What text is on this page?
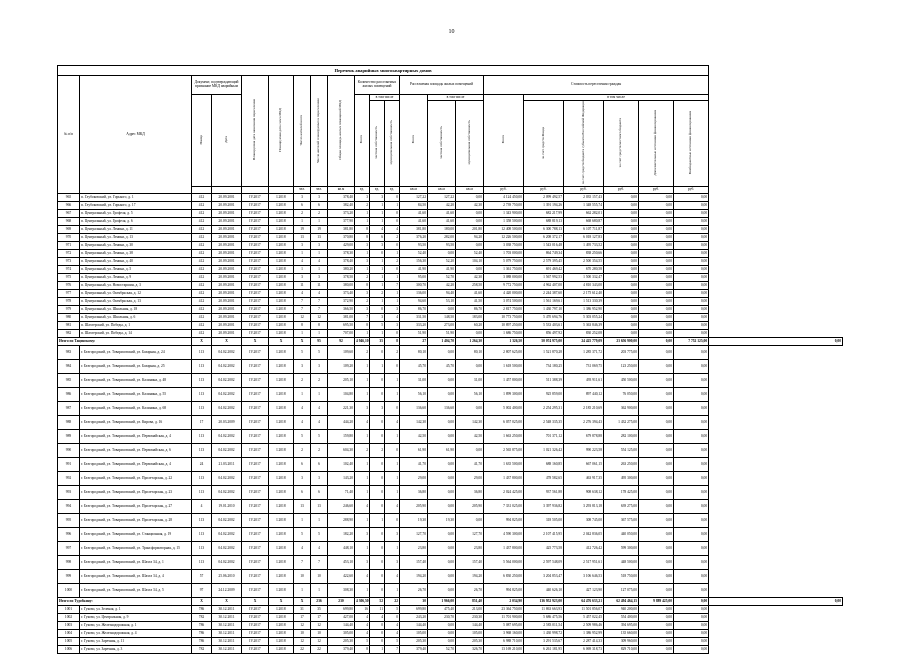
10
Перечень аварийных многоквартирных домов																					
№ п/п	Адрес МКД	Документ, подтверждающий признание МКД аварийным		Планируемая дата окончания переселения	Планируемая дата сноса МКД	Число жителей всего	Число жителей планируемых к переселению	Общая площадь жилых помещений МКД	Количество расселяемых жилых помещений			Расселяемая площадь жилых помещений			Стоимость переселения граждан						
		Номер	Дата						Всего	в том числе		Всего	в том числе		Всего	в том числе					
										частная собственность	муниципальная собственность		частная собственность	муниципальная собственность		за счет средств Фонда	за счет средств бюджета субъекта Российской Федерации	за счет средств местного бюджета	Дополнительные источники финансирования	Внебюджетные источники финансирования	
						чел.	чел.	кв.м	ед.	ед.	ед.	кв.м	кв.м	кв.м	руб.	руб.	руб.	руб.	руб.	руб.	
965	п. Глубоковский, ул. Горького, д. 1	412	20.09.2001	IV.2017	I.2018	3	3	378,40	3	3	0	127,22	127,22	0,00	4 124 450,00	2 099 492,57	2 035 157,43	0,00	0,00	0,00	
966	п. Глубоковский, ул. Горького, д. 17	412	20.09.2001	IV.2017	I.2018	6	6	382,40	2	1	1	84,50	42,20	42,30	2 739 750,00	1 391 194,26	1 348 555,74	0,00	0,00	0,00	
967	п. Центральный, ул. Грофеля, д. 5	412	20.09.2001	IV.2017	I.2018	2	2	373,20	1	1	0	41,60	41,60	0,00	1 343 900,00	682 217,99	662 282,01	0,00	0,00	0,00	
968	п. Центральный, ул. Грофеля, д. 6	412	20.09.2001	IV.2017	I.2018	1	1	377,90	1	1	0	41,60	41,60	0,00	1 358 500,00	688 819,13	668 680,87	0,00	0,00	0,00	
969	п. Центральный, ул. Ленина, д. 11	412	20.09.2001	IV.2017	I.2018	19	19	381,80	8	4	4	381,80	180,00	201,80	12 408 500,00	6 300 788,13	6 107 711,87	0,00	0,00	0,00	
970	п. Центральный, ул. Ленина, д. 13	412	20.09.2001	IV.2017	I.2018	13	13	370,80	8	6	2	376,20	282,00	94,20	12 226 500,00	6 208 372,17	6 018 127,83	0,00	0,00	0,00	
971	п. Центральный, ул. Ленина, д. 30	412	20.09.2001	IV.2017	I.2018	3	3	429,00	3	3	0	93,50	93,50	0,00	3 038 750,00	1 543 016,48	1 495 733,52	0,00	0,00	0,00	
972	п. Центральный, ул. Ленина, д. 38	412	20.09.2001	IV.2017	I.2018	1	1	378,30	1	0	1	52,40	0,00	52,40	1 703 000,00	864 749,34	838 250,66	0,00	0,00	0,00	
973	п. Центральный, ул. Ленина, д. 40	412	20.09.2001	IV.2017	I.2018	4	4	378,40	3	1	2	156,30	52,20	104,10	5 079 750,00	2 579 395,45	2 500 354,55	0,00	0,00	0,00	
974	п. Центральный, ул. Ленина, д. 5	412	20.09.2001	IV.2017	I.2018	1	1	380,20	1	1	0	41,90	41,90	0,00	1 361 750,00	691 469,42	670 280,58	0,00	0,00	0,00	
975	п. Центральный, ул. Ленина, д. 9	412	20.09.2001	IV.2017	I.2018	3	3	378,50	2	1	1	95,00	52,70	42,30	3 088 000,00	1 567 992,53	1 500 332,47	0,00	0,00	0,00	
976	п. Центральный, ул. Новостаршин, д. 3	412	20.09.2001	IV.2017	I.2018	11	11	380,00	8	1	7	300,70	42,20	258,50	9 772 750,00	4 962 407,00	4 810 343,00	0,00	0,00	0,00	
977	п. Центральный, ул. Октябрьская, д. 12	412	20.09.2001	IV.2017	I.2018	4	4	373,40	3	2	1	136,00	94,40	41,60	4 420 000,00	2 244 387,60	2 175 612,40	0,00	0,00	0,00	
978	п. Центральный, ул. Октябрьская, д. 13	412	20.09.2001	IV.2017	I.2018	7	7	372,90	2	1	1	94,60	53,10	41,50	3 074 500,00	1 561 169,61	1 513 330,39	0,00	0,00	0,00	
979	п. Центральный, ул. Школьная, д. 18	412	20.09.2001	IV.2017	I.2018	7	7	366,50	3	0	3	86,70	0,00	86,70	2 817 750,00	1 430 797,10	1 386 952,90	0,00	0,00	0,00	
980	п. Центральный, ул. Школьная, д. 6	412	20.09.2001	IV.2017	I.2018	12	12	381,00	7	3	4	331,50	148,50	183,00	10 773 750,00	5 470 694,76	5 303 055,24	0,00	0,00	0,00	
981	п. Шахтерский, ул. Победы, д. 1	412	20.09.2001	IV.2017	I.2018	8	8	695,50	8	5	3	333,20	273,00	60,20	10 897 250,00	5 533 403,61	5 363 846,39	0,00	0,00	0,00	
982	п. Шахтерский, ул. Победы, д. 14	412	20.09.2001	IV.2017	I.2018	1	1	707,00	1	1	0	51,90	51,90	0,00	1 686 750,00	856 497,92	830 252,08	0,00	0,00	0,00	
Итого по Тацинскому:		X	X	X	X	X	95	92	4 946,10	35	8	27	1 404,70	1 264,30	1 326,50	50 074 975,00	24 425 779,09	23 656 900,00	0,00	7 752 125,00	0,00
983	г. Белгородский, ул. Товарисовский, ул. Базарная, д. 24	113	04.02.2002	IV.2017	I.2018	5	5	109,60	2	0	2	80,10	0,00	80,10	2 807 625,00	1 521 870,28	1 285 371,72	203 775,00	0,00	0,00	
984	г. Белгородский, ул. Товарисовский, ул. Базарная, д. 25	113	04.02.2002	IV.2017	I.2018	3	3	109,20	1	1	0	45,70	45,70	0,00	1 618 500,00	734 180,25	731 069,75	123 250,00	0,00	0,00	
985	г. Белгородский, ул. Товарисовский, ул. Калинина, д. 48	113	04.02.2002	IV.2017	I.2018	2	2	205,10	1	0	1	31,00	0,00	31,00	1 457 800,00	511 388,39	493 911,61	450 500,00	0,00	0,00	
986	г. Белгородский, ул. Товарисовский, ул. Калинина, д. 55	113	04.02.2002	IV.2017	I.2018	1	1	104,80	1	0	1	56,10	0,00	56,10	1 899 300,00	925 859,00	897 440,12	76 050,00	0,00	0,00	
987	г. Белгородский, ул. Товарисовский, ул. Калинина, д. 68	113	04.02.2002	IV.2017	I.2018	4	4	221,30	3	3	0	136,60	136,60	0,00	5 002 400,00	2 254 295,31	2 185 210,69	362 900,00	0,00	0,00	
988	г. Белгородский, ул. Товарисовский, ул. Кирова, д. 16	17	20.03.2009	IV.2017	I.2018	4	4	444,20	4	0	4	142,30	0,00	142,30	6 057 025,00	2 548 335,35	2 276 394,43	1 432 275,00	0,00	0,00	
989	г. Белгородский, ул. Товарисовский, ул. Первомайская, д. 4	113	04.02.2002	IV.2017	I.2018	5	5	159,80	1	0	1	42,50	0,00	42,50	1 663 250,00	701 371,12	679 878,88	282 100,00	0,00	0,00	
990	г. Белгородский, ул. Товарисовский, ул. Первомайская, д. 6	113	04.02.2002	IV.2017	I.2018	2	2	604,30	2	2	0	61,90	61,90	0,00	2 565 875,00	1 021 326,42	990 223,58	554 125,00	0,00	0,00	
991	г. Белгородский, ул. Товарисовский, ул. Первомайская, д. 4	24	21.03.2011	IV.2017	I.2018	6	6	102,40	1	0	1	41,70	0,00	41,70	1 635 500,00	688 160,85	667 061,15	263 250,00	0,00	0,00	
992	г. Белгородский, ул. Товарисовский, ул. Пролетарская, д. 22	113	04.02.2002	IV.2017	I.2018	3	3	143,20	1	0	1	29,00	0,00	29,00	1 437 800,00	478 582,65	463 917,35	495 300,00	0,00	0,00	
993	г. Белгородский, ул. Товарисовский, ул. Пролетарская, д. 23	113	04.02.2002	IV.2017	I.2018	6	6	71,40	1	0	1	36,80	0,00	36,80	2 024 425,00	937 561,88	908 638,12	178 425,00	0,00	0,00	
994	г. Белгородский, ул. Товарисовский, ул. Пролетарская, д. 27	4	19.01.2010	IV.2017	I.2018	13	13	246,60	4	0	4	205,90	0,00	205,90	7 331 025,00	3 397 936,82	3 293 813,18	639 275,00	0,00	0,00	
995	г. Белгородский, ул. Товарисовский, ул. Пролетарская, д. 28	113	04.02.2002	IV.2017	I.2018	1	1	288,90	1	1	0	19,30	19,30	0,00	994 825,00	318 505,00	308 745,00	367 575,00	0,00	0,00	
996	г. Белгородский, ул. Товарисовский, ул. Станционная, д. 19	113	04.02.2002	IV.2017	I.2018	5	5	182,20	3	0	3	127,70	0,00	127,70	4 590 300,00	2 107 415,95	2 042 836,05	440 050,00	0,00	0,00	
997	г. Белгородский, ул. Товарисовский, ул. Трансформаторная, д. 15	113	04.02.2002	IV.2017	I.2018	4	4	448,10	1	0	1	23,80	0,00	23,80	1 437 800,00	425 773,58	412 726,42	599 300,00	0,00	0,00	
998	г. Белгородский, ул. Товарисовский, ул. Шахта 34, д. 1	113	04.02.2002	IV.2017	I.2018	7	7	453,10	3	0	3	157,40	0,00	157,40	5 564 000,00	2 597 548,09	2 517 951,61	448 500,00	0,00	0,00	
999	г. Белгородский, ул. Товарисовский, ул. Шахта 34, д. 4	57	25.06.2010	IV.2017	I.2018	10	10	422,60	4	0	4	194,20	0,00	194,20	6 830 250,00	3 204 853,47	3 106 646,53	518 750,00	0,00	0,00	
1000	г. Белгородский, ул. Товарисовский, ул. Шахта 34, д. 5	97	24.12.2009	IV.2017	I.2018	1	1	308,30	1	0	1	26,70	0,00	26,70	994 825,00	440 626,10	427 123,90	127 075,00	0,00	0,00	
Итого по Тудобкину:		X	X	X	X	X	236	230	4 306,50	52	22	30	1 966,00	851,40	2 034,90	136 952 923,00	64 476 633,21	62 494 464,15	9 889 425,00	0,00	0,00
1001	г. Гуково, ул. Зеленая, д. 1	786	30.12.2011	IV.2017	I.2018	31	35	699,80	16	11	5	699,80	475,40	213,00	23 364 750,00	11 863 663,93	11 501 856,07	940 200,00	0,00	0,00	
1002	г. Гуково, ул. Центральная, д. 9	782	30.12.2011	IV.2017	I.2018	17	17	427,00	4	4	0	243,20	230,70	230,30	11 701 900,00	5 686 475,56	5 457 022,45	554 400,00	0,00	0,00	
1003	г. Гуково, ул. Железнодорожная, д. 1	786	30.12.2011	IV.2017	I.2018	12	12	144,40	4	0	4	144,40	0,00	144,40	5 087 695,00	2 583 011,54	2 509 986,46	394 695,00	0,00	0,00	
1004	г. Гуково, ул. Железнодорожная, д. 4	786	30.12.2011	IV.2017	I.2018	10	10	305,00	4	0	4	105,00	0,00	105,00	3 968 160,00	1 430 998,72	1 386 952,99	135 660,00	0,00	0,00	
1005	г. Гуково, ул. Заречная, д. 11	786	30.12.2011	IV.2017	I.2018	12	12	205,30	5	0	5	205,30	0,00	205,30	6 988 710,00	3 291 535,67	2 287 414,33	309 960,00	0,00	0,00	
1006	г. Гуково, ул. Заречная, д. 3	782	30.12.2011	IV.2017	I.2018	22	22	379,40	8	1	7	379,40	52,70	326,70	13 169 210,00	6 261 181,95	6 069 318,73	829 710,00	0,00	0,00	
